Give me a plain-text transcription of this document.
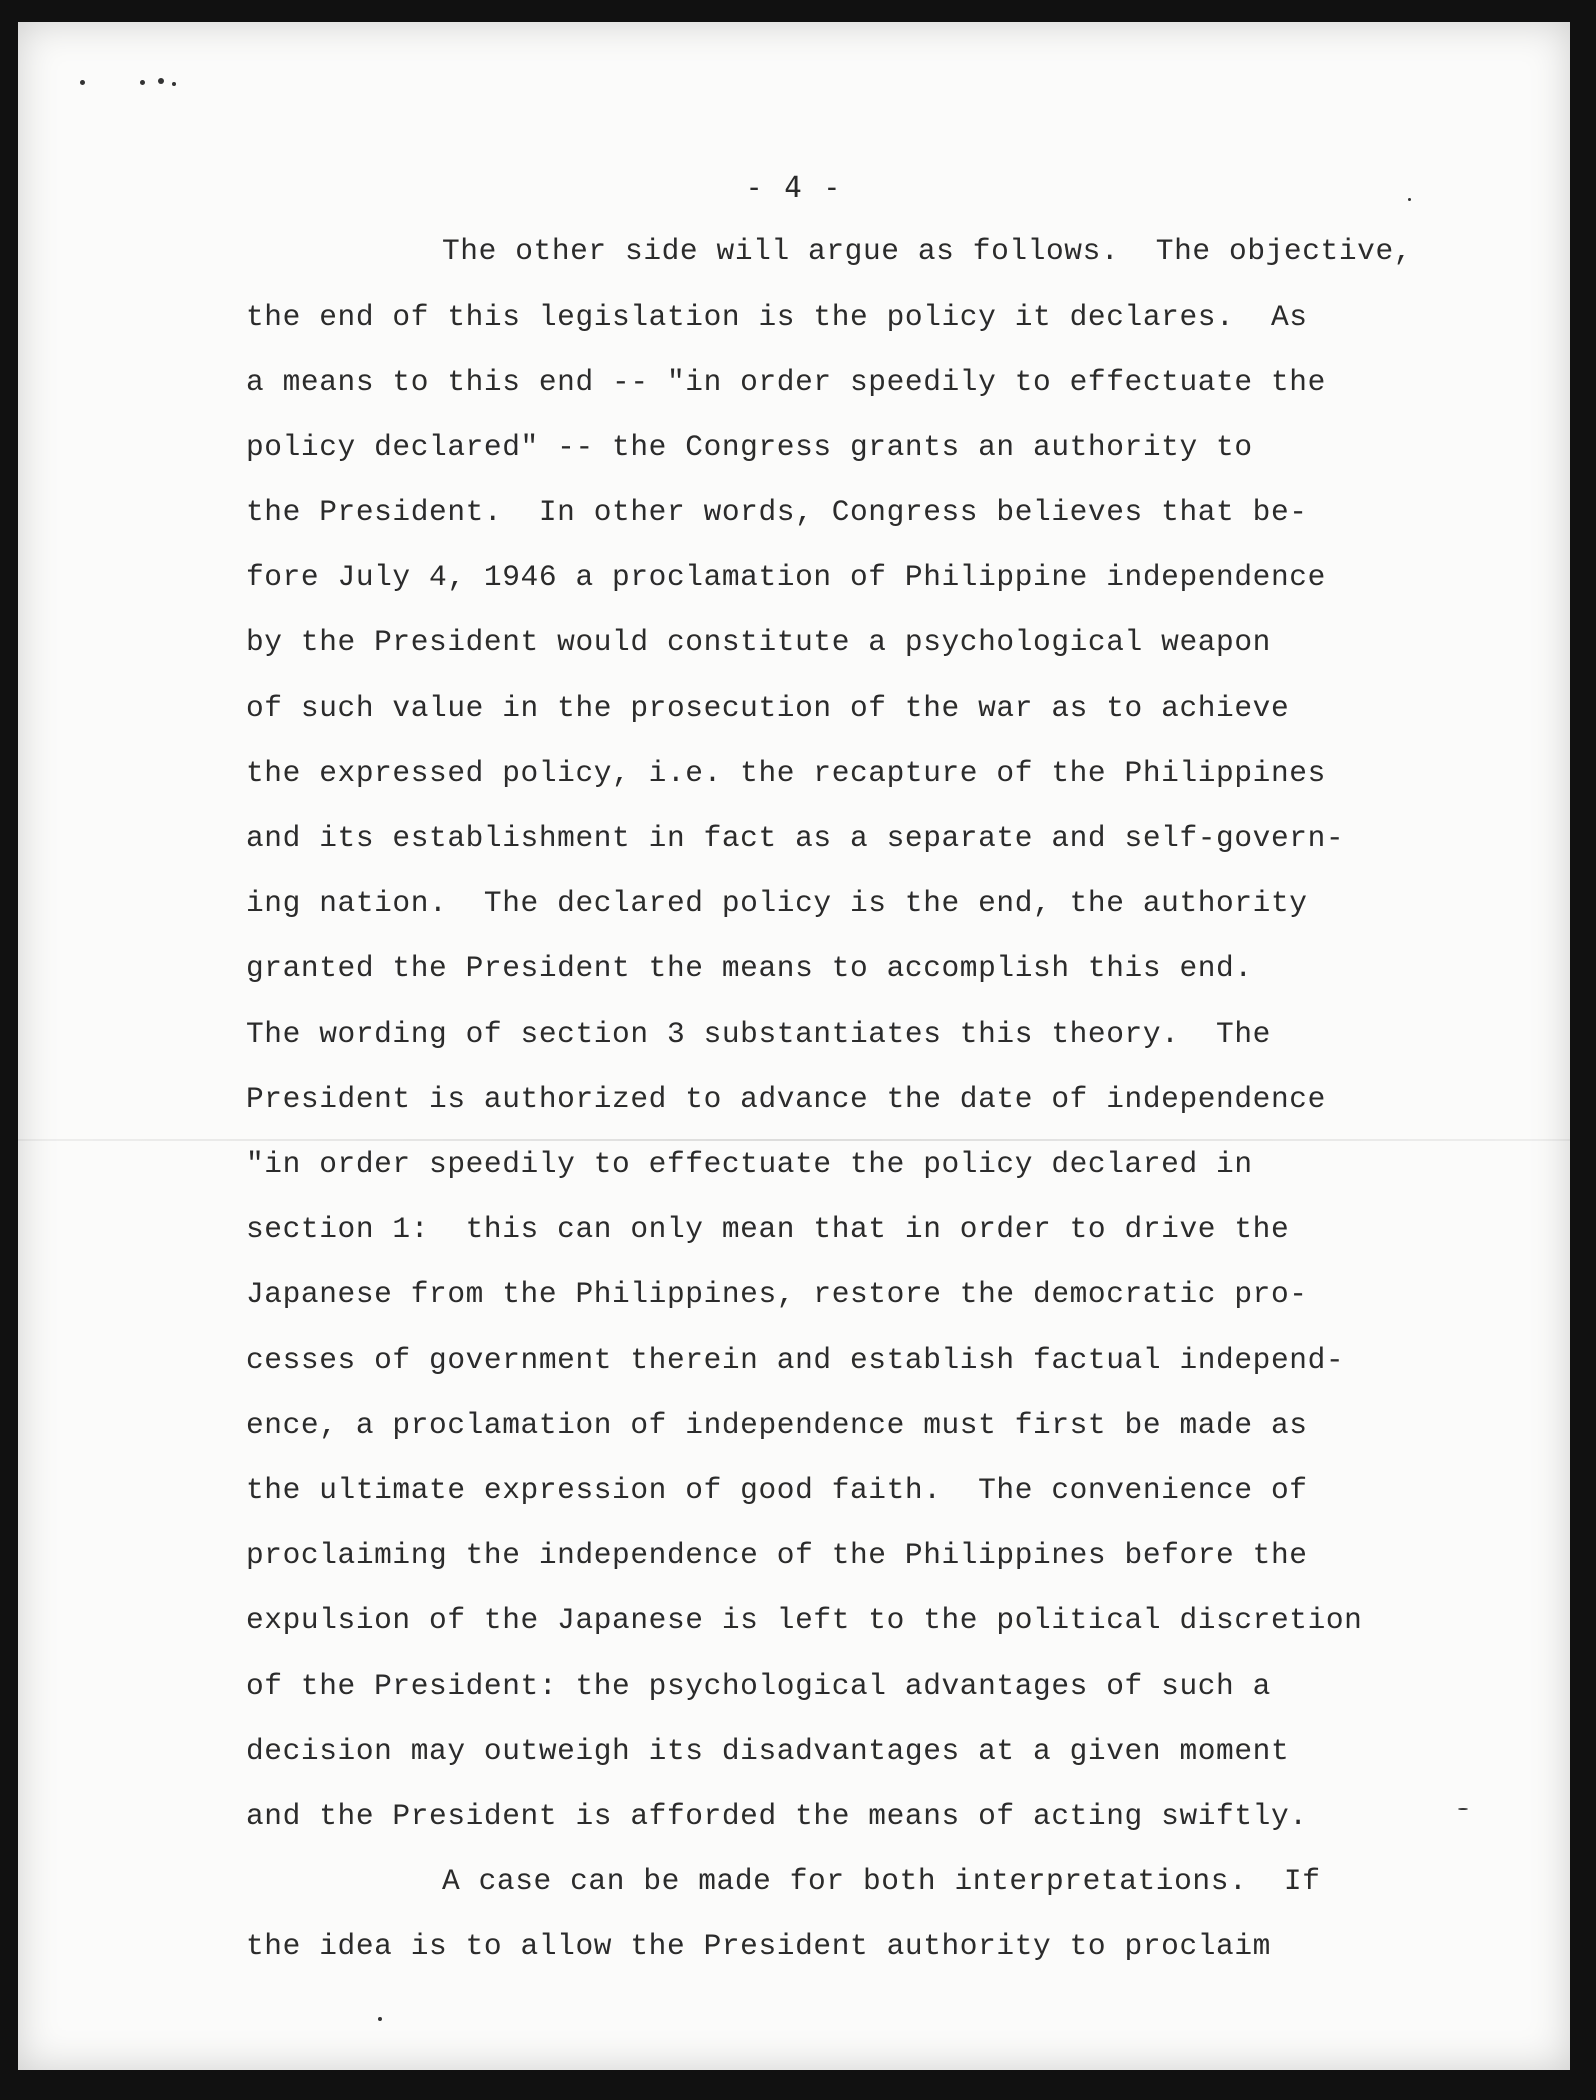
- 4 -
The other side will argue as follows.  The objective,
the end of this legislation is the policy it declares.  As
a means to this end -- "in order speedily to effectuate the
policy declared" -- the Congress grants an authority to
the President.  In other words, Congress believes that be-
fore July 4, 1946 a proclamation of Philippine independence
by the President would constitute a psychological weapon
of such value in the prosecution of the war as to achieve
the expressed policy, i.e. the recapture of the Philippines
and its establishment in fact as a separate and self-govern-
ing nation.  The declared policy is the end, the authority
granted the President the means to accomplish this end.
The wording of section 3 substantiates this theory.  The
President is authorized to advance the date of independence
"in order speedily to effectuate the policy declared in
section 1:  this can only mean that in order to drive the
Japanese from the Philippines, restore the democratic pro-
cesses of government therein and establish factual independ-
ence, a proclamation of independence must first be made as
the ultimate expression of good faith.  The convenience of
proclaiming the independence of the Philippines before the
expulsion of the Japanese is left to the political discretion
of the President: the psychological advantages of such a
decision may outweigh its disadvantages at a given moment
and the President is afforded the means of acting swiftly.
A case can be made for both interpretations.  If
the idea is to allow the President authority to proclaim
